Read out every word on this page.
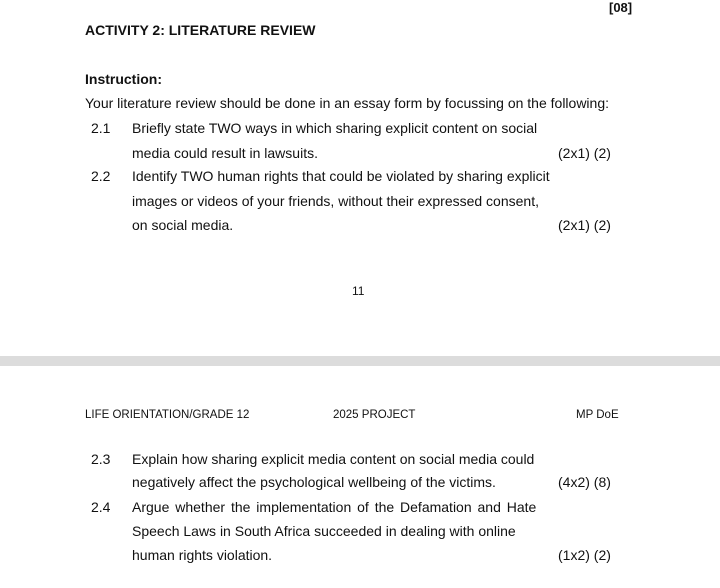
[08]
ACTIVITY 2: LITERATURE REVIEW
Instruction:
Your literature review should be done in an essay form by focussing on the following:
2.1 Briefly state TWO ways in which sharing explicit content on social
media could result in lawsuits.	(2x1) (2)
2.2 Identify TWO human rights that could be violated by sharing explicit
images or videos of your friends, without their expressed consent,
on social media.	(2x1) (2)
11
LIFE ORIENTATION/GRADE 12	2025 PROJECT	MP DoE
2.3 Explain how sharing explicit media content on social media could
negatively affect the psychological wellbeing of the victims.	(4x2) (8)
2.4 Argue whether the implementation of the Defamation and Hate
Speech Laws in South Africa succeeded in dealing with online
human rights violation.	(1x2) (2)
